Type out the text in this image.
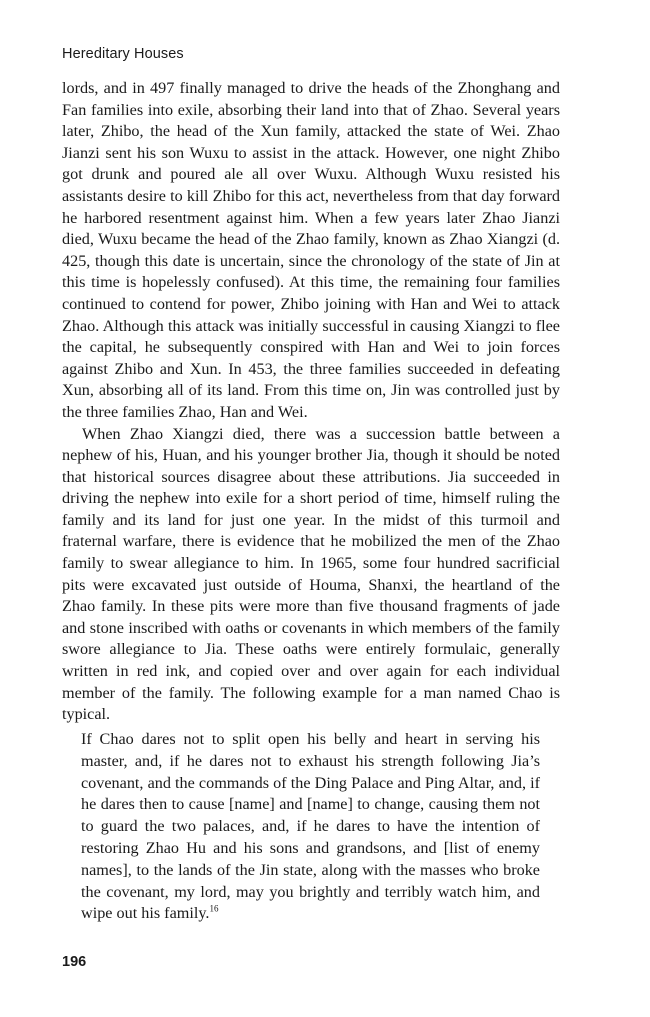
Hereditary Houses

lords, and in 497 finally managed to drive the heads of the Zhonghang and Fan families into exile, absorbing their land into that of Zhao. Several years later, Zhibo, the head of the Xun family, attacked the state of Wei. Zhao Jianzi sent his son Wuxu to assist in the attack. However, one night Zhibo got drunk and poured ale all over Wuxu. Although Wuxu resisted his assistants desire to kill Zhibo for this act, nevertheless from that day forward he harbored resentment against him. When a few years later Zhao Jianzi died, Wuxu became the head of the Zhao family, known as Zhao Xiangzi (d. 425, though this date is uncertain, since the chronology of the state of Jin at this time is hopelessly confused). At this time, the remaining four families continued to contend for power, Zhibo joining with Han and Wei to attack Zhao. Although this attack was initially successful in causing Xiangzi to flee the capital, he subsequently conspired with Han and Wei to join forces against Zhibo and Xun. In 453, the three families succeeded in defeating Xun, absorbing all of its land. From this time on, Jin was controlled just by the three families Zhao, Han and Wei.

When Zhao Xiangzi died, there was a succession battle between a nephew of his, Huan, and his younger brother Jia, though it should be noted that historical sources disagree about these attributions. Jia succeeded in driving the nephew into exile for a short period of time, himself ruling the family and its land for just one year. In the midst of this turmoil and fraternal warfare, there is evidence that he mobilized the men of the Zhao family to swear allegiance to him. In 1965, some four hundred sacrificial pits were excavated just outside of Houma, Shanxi, the heartland of the Zhao family. In these pits were more than five thousand fragments of jade and stone inscribed with oaths or covenants in which members of the family swore allegiance to Jia. These oaths were entirely formulaic, generally written in red ink, and copied over and over again for each individual member of the family. The following example for a man named Chao is typical.

If Chao dares not to split open his belly and heart in serving his master, and, if he dares not to exhaust his strength following Jia’s covenant, and the commands of the Ding Palace and Ping Altar, and, if he dares then to cause [name] and [name] to change, causing them not to guard the two palaces, and, if he dares to have the intention of restoring Zhao Hu and his sons and grandsons, and [list of enemy names], to the lands of the Jin state, along with the masses who broke the covenant, my lord, may you brightly and terribly watch him, and wipe out his family.$^{16}$
196
